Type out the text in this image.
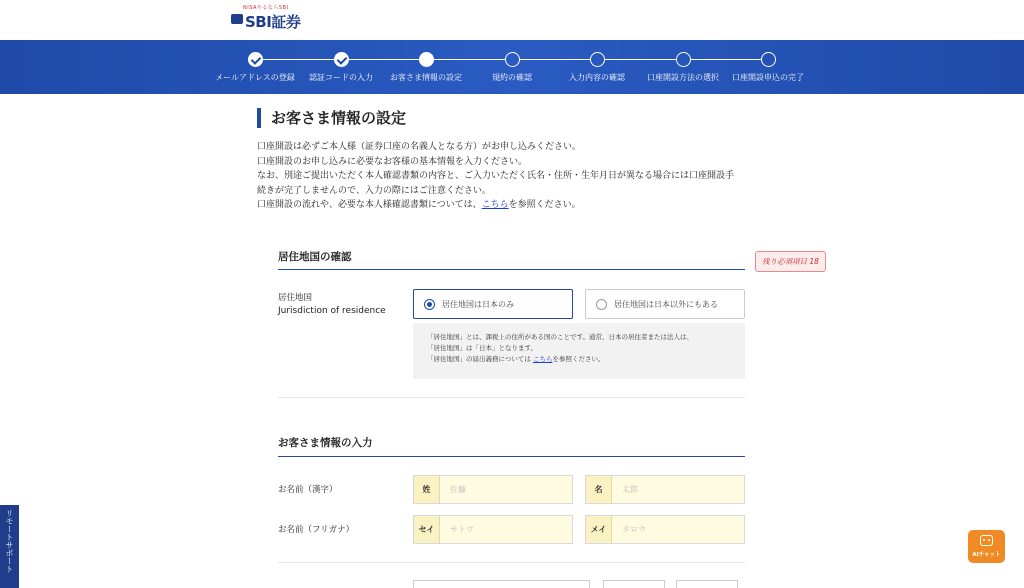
NISAやるならSBI
SBI証券
メールアドレスの登録 認証コードの入力 お客さま情報の設定	規約の確認	入力内容の確認	口座開設方法の選択 口座開設申込の完了
お客さま情報の設定
口座開設は必ずご本人様（証券口座の名義人となる方）がお申し込みください。
口座開設のお申し込みに必要なお客様の基本情報を入力ください。
なお、別途ご提出いただく本人確認書類の内容と、ご入力いただく氏名・住所・生年月日が異なる場合には口座開設手
続きが完了しませんので、入力の際にはご注意ください。
口座開設の流れや、必要な本人様確認書類については、こちらを参照ください。
居住地国の確認	残り必須項目 18
居住地国
Jurisdiction of residence
居住地国は日本のみ	居住地国は日本以外にもある
「居住地国」とは、課税上の住所がある国のことです。通常、日本の居住者または法人は、
「居住地国」は「日本」となります。
「居住地国」の届出義務については こちらを参照ください。
お客さま情報の入力
お名前（漢字）	姓	佐藤	名	太郎
お名前（フリガナ）	セイ	サトウ	メイ	タロウ
リモートサポート	AIチャット
